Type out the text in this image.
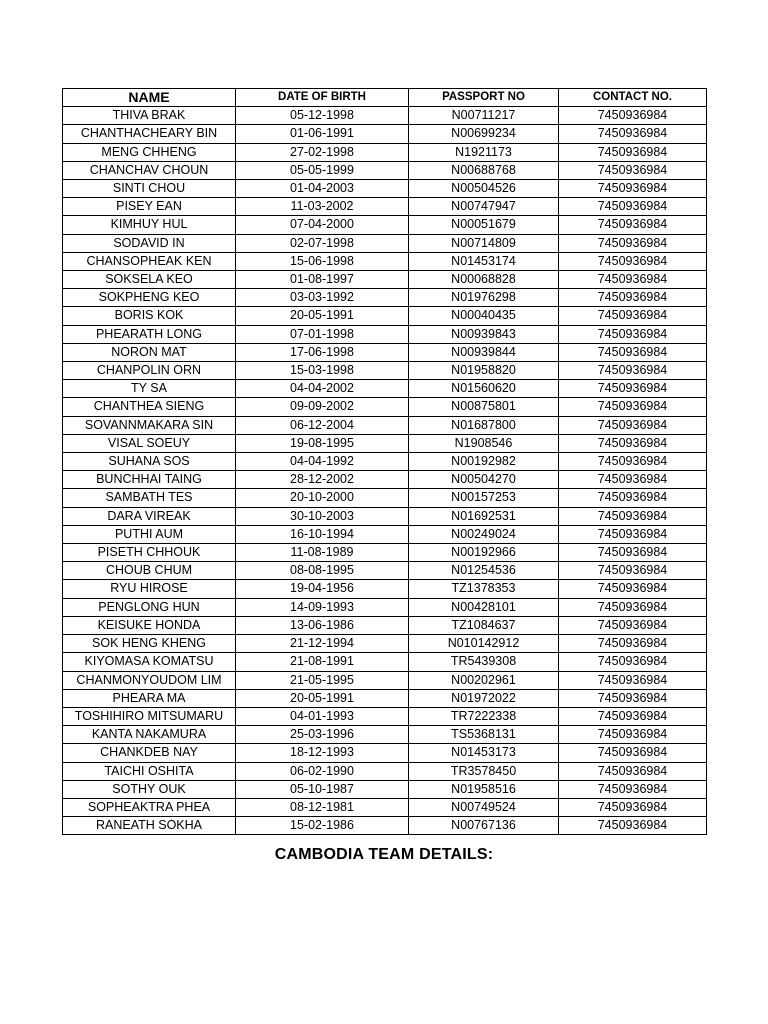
NAME	DATE OF BIRTH	PASSPORT NO	CONTACT NO.
THIVA BRAK	05-12-1998	N00711217	7450936984
CHANTHACHEARY BIN	01-06-1991	N00699234	7450936984
MENG CHHENG	27-02-1998	N1921173	7450936984
CHANCHAV CHOUN	05-05-1999	N00688768	7450936984
SINTI CHOU	01-04-2003	N00504526	7450936984
PISEY EAN	11-03-2002	N00747947	7450936984
KIMHUY HUL	07-04-2000	N00051679	7450936984
SODAVID IN	02-07-1998	N00714809	7450936984
CHANSOPHEAK KEN	15-06-1998	N01453174	7450936984
SOKSELA KEO	01-08-1997	N00068828	7450936984
SOKPHENG KEO	03-03-1992	N01976298	7450936984
BORIS KOK	20-05-1991	N00040435	7450936984
PHEARATH LONG	07-01-1998	N00939843	7450936984
NORON MAT	17-06-1998	N00939844	7450936984
CHANPOLIN ORN	15-03-1998	N01958820	7450936984
TY SA	04-04-2002	N01560620	7450936984
CHANTHEA SIENG	09-09-2002	N00875801	7450936984
SOVANNMAKARA SIN	06-12-2004	N01687800	7450936984
VISAL SOEUY	19-08-1995	N1908546	7450936984
SUHANA SOS	04-04-1992	N00192982	7450936984
BUNCHHAI TAING	28-12-2002	N00504270	7450936984
SAMBATH TES	20-10-2000	N00157253	7450936984
DARA VIREAK	30-10-2003	N01692531	7450936984
PUTHI AUM	16-10-1994	N00249024	7450936984
PISETH CHHOUK	11-08-1989	N00192966	7450936984
CHOUB CHUM	08-08-1995	N01254536	7450936984
RYU HIROSE	19-04-1956	TZ1378353	7450936984
PENGLONG HUN	14-09-1993	N00428101	7450936984
KEISUKE HONDA	13-06-1986	TZ1084637	7450936984
SOK HENG KHENG	21-12-1994	N010142912	7450936984
KIYOMASA KOMATSU	21-08-1991	TR5439308	7450936984
CHANMONYOUDOM LIM	21-05-1995	N00202961	7450936984
PHEARA MA	20-05-1991	N01972022	7450936984
TOSHIHIRO MITSUMARU	04-01-1993	TR7222338	7450936984
KANTA NAKAMURA	25-03-1996	TS5368131	7450936984
CHANKDEB NAY	18-12-1993	N01453173	7450936984
TAICHI OSHITA	06-02-1990	TR3578450	7450936984
SOTHY OUK	05-10-1987	N01958516	7450936984
SOPHEAKTRA PHEA	08-12-1981	N00749524	7450936984
RANEATH SOKHA	15-02-1986	N00767136	7450936984
CAMBODIA TEAM DETAILS:
